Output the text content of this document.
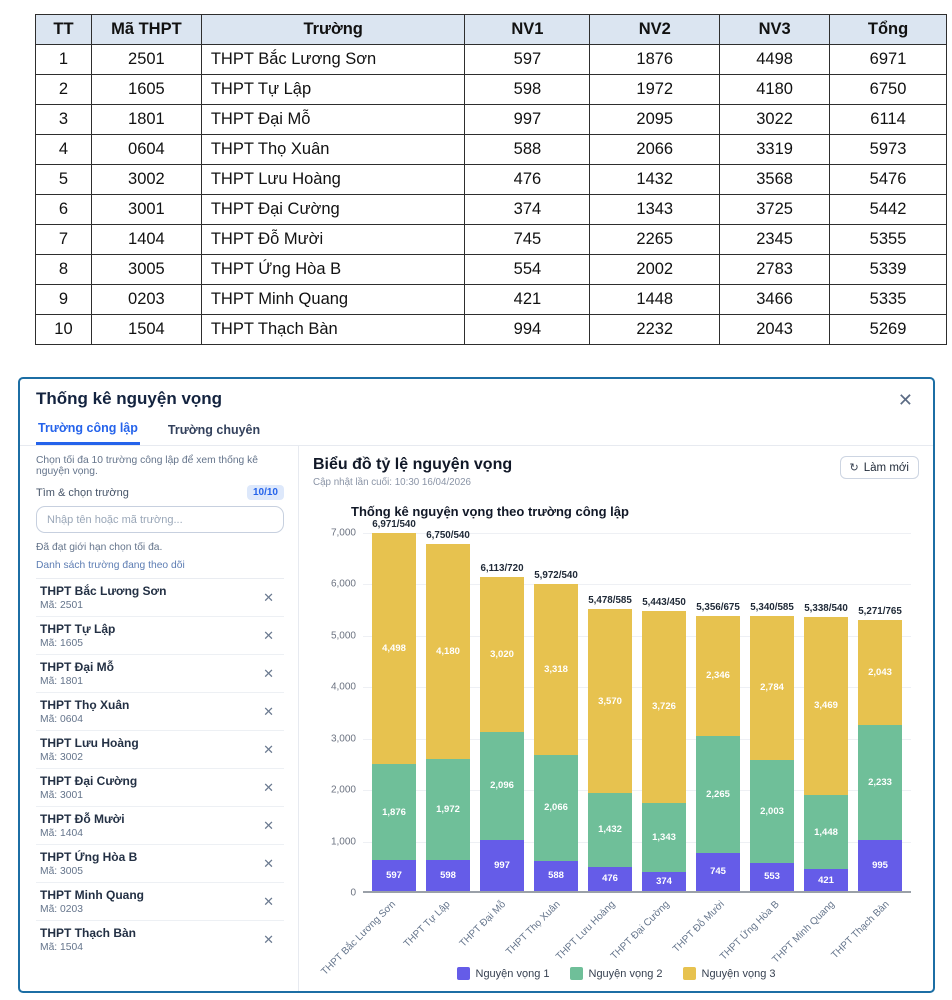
TT	Mã THPT	Trường	NV1	NV2	NV3	Tổng
1	2501	THPT Bắc Lương Sơn	597	1876	4498	6971
2	1605	THPT Tự Lập	598	1972	4180	6750
3	1801	THPT Đại Mỗ	997	2095	3022	6114
4	0604	THPT Thọ Xuân	588	2066	3319	5973
5	3002	THPT Lưu Hoàng	476	1432	3568	5476
6	3001	THPT Đại Cường	374	1343	3725	5442
7	1404	THPT Đỗ Mười	745	2265	2345	5355
8	3005	THPT Ứng Hòa B	554	2002	2783	5339
9	0203	THPT Minh Quang	421	1448	3466	5335
10	1504	THPT Thạch Bàn	994	2232	2043	5269
Thống kê nguyện vọng	✕
Trường công lập Trường chuyên
Chọn tối đa 10 trường công lập để xem thống kê nguyện vọng.
Tìm & chọn trường	10/10
Nhập tên hoặc mã trường...
Đã đạt giới hạn chọn tối đa.
Danh sách trường đang theo dõi
THPT Bắc Lương Sơn
Mã: 2501
✕
THPT Tự Lập
Mã: 1605
✕
THPT Đại Mỗ
Mã: 1801
✕
THPT Thọ Xuân
Mã: 0604
✕
THPT Lưu Hoàng
Mã: 3002
✕
THPT Đại Cường
Mã: 3001
✕
THPT Đỗ Mười
Mã: 1404
✕
THPT Ứng Hòa B
Mã: 3005
✕
THPT Minh Quang
Mã: 0203
✕
THPT Thạch Bàn
Mã: 1504
✕
Biểu đồ tỷ lệ nguyện vọng
Cập nhật lần cuối: 10:30 16/04/2026
↻ Làm mới
Thống kê nguyện vọng theo trường công lập
0
1,000
2,000
3,000
4,000
5,000
6,000
7,000
597
1,876
4,498
6,971/540
598
1,972
4,180
6,750/540
997
2,096
3,020
6,113/720
588
2,066
3,318
5,972/540
476
1,432
3,570
5,478/585
374
1,343
3,726
5,443/450
745
2,265
2,346
5,356/675
553
2,003
2,784
5,340/585
421
1,448
3,469
5,338/540
995
2,233
2,043
5,271/765
THPT Bắc Lương Sơn THPT Tự Lập THPT Đại Mỗ
THPT Thọ Xuân
THPT Lưu Hoàng
THPT Đại Cường
THPT Đỗ Mười
THPT Ứng Hòa B
THPT Minh Quang
THPT Thạch Bàn
Nguyện vọng 1	Nguyện vọng 2	Nguyện vọng 3
